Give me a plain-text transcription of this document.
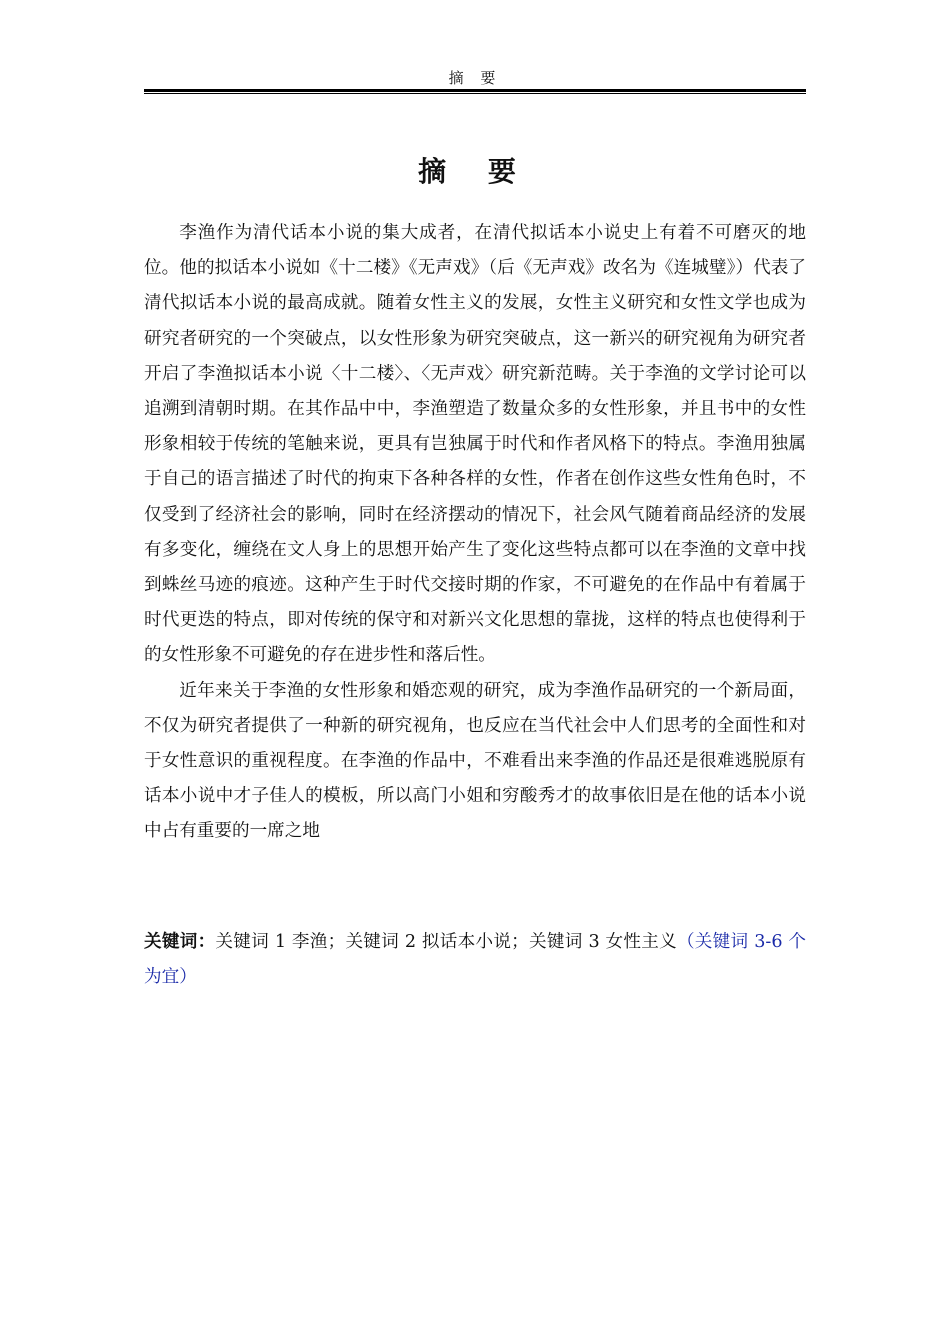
摘 要
摘 要

李渔作为清代话本小说的集大成者，在清代拟话本小说史上有着不可磨灭的地位。他的拟话本小说如《十二楼》《无声戏》（后《无声戏》改名为《连城璧》）代表了清代拟话本小说的最高成就。随着女性主义的发展，女性主义研究和女性文学也成为研究者研究的一个突破点，以女性形象为研究突破点，这一新兴的研究视角为研究者开启了李渔拟话本小说〈十二楼〉、〈无声戏〉研究新范畴。关于李渔的文学讨论可以追溯到清朝时期。在其作品中中，李渔塑造了数量众多的女性形象，并且书中的女性形象相较于传统的笔触来说，更具有岂独属于时代和作者风格下的特点。李渔用独属于自己的语言描述了时代的拘束下各种各样的女性，作者在创作这些女性角色时，不仅受到了经济社会的影响，同时在经济摆动的情况下，社会风气随着商品经济的发展有多变化，缠绕在文人身上的思想开始产生了变化这些特点都可以在李渔的文章中找到蛛丝马迹的痕迹。这种产生于时代交接时期的作家，不可避免的在作品中有着属于时代更迭的特点，即对传统的保守和对新兴文化思想的靠拢，这样的特点也使得利于的女性形象不可避免的存在进步性和落后性。

近年来关于李渔的女性形象和婚恋观的研究，成为李渔作品研究的一个新局面，不仅为研究者提供了一种新的研究视角，也反应在当代社会中人们思考的全面性和对于女性意识的重视程度。在李渔的作品中，不难看出来李渔的作品还是很难逃脱原有话本小说中才子佳人的模板，所以高门小姐和穷酸秀才的故事依旧是在他的话本小说中占有重要的一席之地

关键词：关键词 1 李渔；关键词 2 拟话本小说；关键词 3 女性主义（关键词 3-6 个为宜）
